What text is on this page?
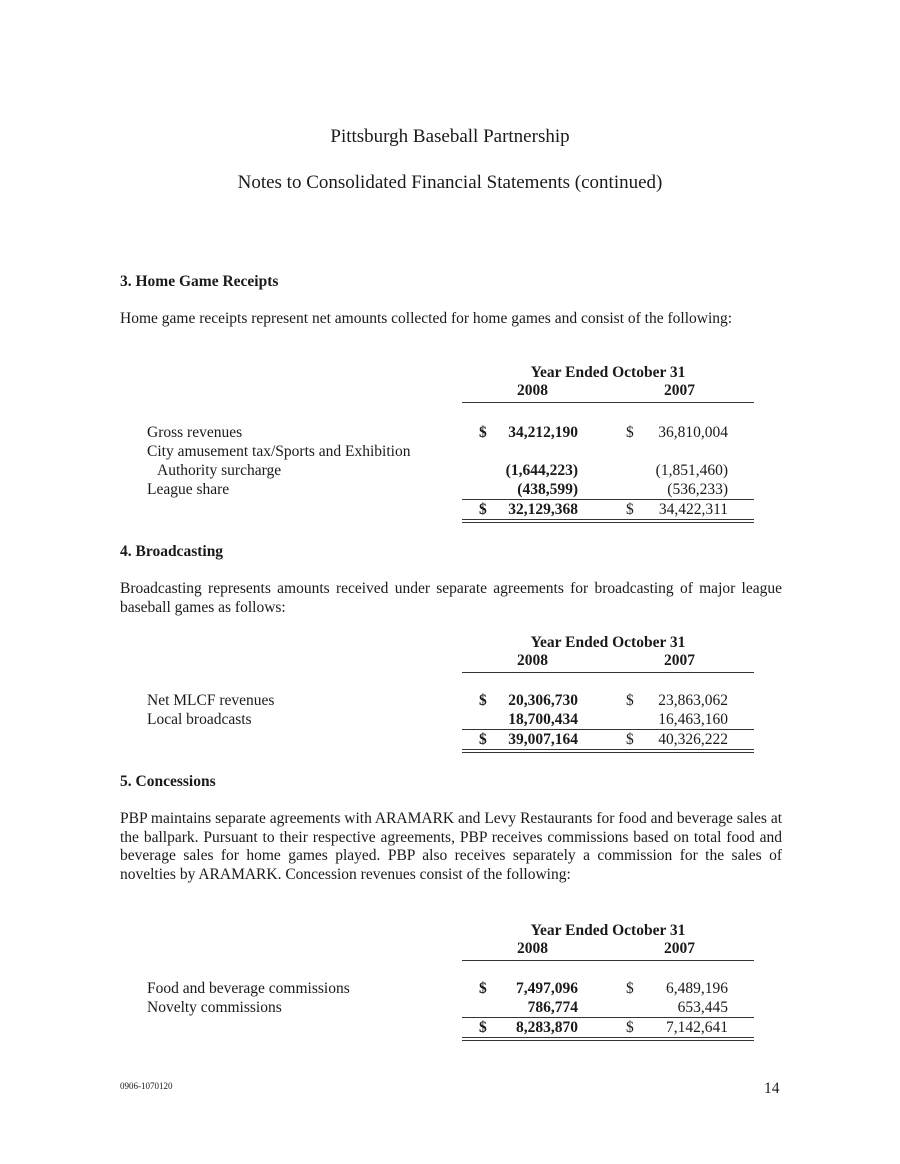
Pittsburgh Baseball Partnership
Notes to Consolidated Financial Statements (continued)
3. Home Game Receipts
Home game receipts represent net amounts collected for home games and consist of the following:
Year Ended October 31
2008	2007
Gross revenues	$ 34,212,190	$ 36,810,004
City amusement tax/Sports and Exhibition
Authority surcharge	(1,644,223)	(1,851,460)
League share	(438,599)	(536,233)
$ 32,129,368	$ 34,422,311
4. Broadcasting
Broadcasting represents amounts received under separate agreements for broadcasting of major league baseball games as follows:
Year Ended October 31
2008	2007
Net MLCF revenues	$ 20,306,730	$ 23,863,062
Local broadcasts	18,700,434	16,463,160
$ 39,007,164	$ 40,326,222
5. Concessions
PBP maintains separate agreements with ARAMARK and Levy Restaurants for food and beverage sales at the ballpark. Pursuant to their respective agreements, PBP receives commissions based on total food and beverage sales for home games played. PBP also receives separately a commission for the sales of novelties by ARAMARK. Concession revenues consist of the following:
Year Ended October 31
2008	2007
Food and beverage commissions	$ 7,497,096	$ 6,489,196
Novelty commissions	786,774	653,445
$ 8,283,870	$ 7,142,641
0906-1070120	14
